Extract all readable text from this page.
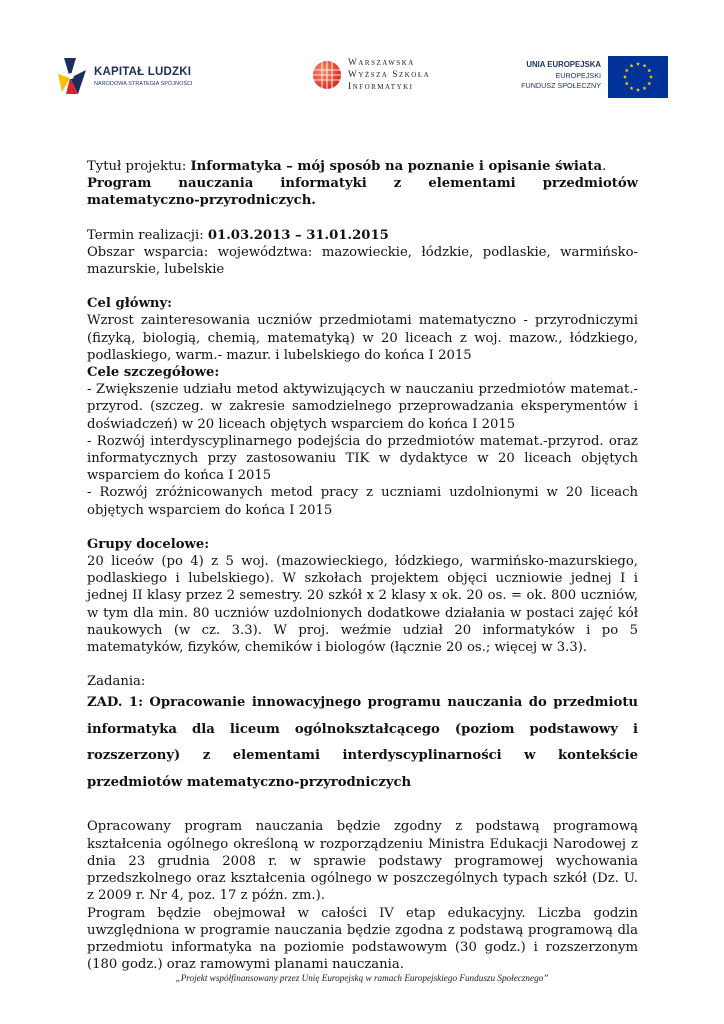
KAPITAŁ LUDZKI
NARODOWA STRATEGIA SPÓJNOŚCI
Warszawska
Wyższa Szkoła
Informatyki
UNIA EUROPEJSKA
EUROPEJSKI
FUNDUSZ SPOŁECZNY

Tytuł projektu: Informatyka – mój sposób na poznanie i opisanie świata.

Program nauczania informatyki z elementami przedmiotów matematyczno-przyrodniczych.

Termin realizacji: 01.03.2013 – 31.01.2015

Obszar wsparcia: województwa: mazowieckie, łódzkie, podlaskie, warmińsko-mazurskie, lubelskie

Cel główny:

Wzrost zainteresowania uczniów przedmiotami matematyczno - przyrodniczymi (fizyką, biologią, chemią, matematyką) w 20 liceach z woj. mazow., łódzkiego, podlaskiego, warm.- mazur. i lubelskiego do końca I 2015

Cele szczegółowe:

- Zwiększenie udziału metod aktywizujących w nauczaniu przedmiotów matemat.-przyrod. (szczeg. w zakresie samodzielnego przeprowadzania eksperymentów i doświadczeń) w 20 liceach objętych wsparciem do końca I 2015

- Rozwój interdyscyplinarnego podejścia do przedmiotów matemat.-przyrod. oraz informatycznych przy zastosowaniu TIK w dydaktyce w 20 liceach objętych wsparciem do końca I 2015

- Rozwój zróżnicowanych metod pracy z uczniami uzdolnionymi w 20 liceach objętych wsparciem do końca I 2015

Grupy docelowe:

20 liceów (po 4) z 5 woj. (mazowieckiego, łódzkiego, warmińsko-mazurskiego, podlaskiego i lubelskiego). W szkołach projektem objęci uczniowie jednej I i jednej II klasy przez 2 semestry. 20 szkół x 2 klasy x ok. 20 os. = ok. 800 uczniów, w tym dla min. 80 uczniów uzdolnionych dodatkowe działania w postaci zajęć kół naukowych (w cz. 3.3). W proj. weźmie udział 20 informatyków i po 5 matematyków, fizyków, chemików i biologów (łącznie 20 os.; więcej w 3.3).

Zadania:

ZAD. 1: Opracowanie innowacyjnego programu nauczania do przedmiotu informatyka dla liceum ogólnokształcącego (poziom podstawowy i rozszerzony) z elementami interdyscyplinarności w kontekście przedmiotów matematyczno-przyrodniczych

Opracowany program nauczania będzie zgodny z podstawą programową kształcenia ogólnego określoną w rozporządzeniu Ministra Edukacji Narodowej z dnia 23 grudnia 2008 r. w sprawie podstawy programowej wychowania przedszkolnego oraz kształcenia ogólnego w poszczególnych typach szkół (Dz. U. z 2009 r. Nr 4, poz. 17 z późn. zm.).

Program będzie obejmował w całości IV etap edukacyjny. Liczba godzin uwzględniona w programie nauczania będzie zgodna z podstawą programową dla przedmiotu informatyka na poziomie podstawowym (30 godz.) i rozszerzonym (180 godz.) oraz ramowymi planami nauczania.

„Projekt współfinansowany przez Unię Europejską w ramach Europejskiego Funduszu Społecznego”
